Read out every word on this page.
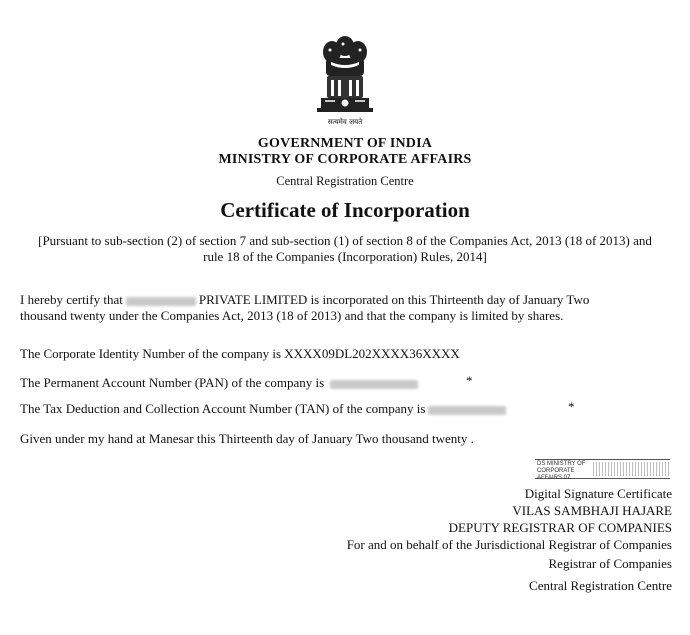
सत्यमेव जयते
GOVERNMENT OF INDIA
MINISTRY OF CORPORATE AFFAIRS
Central Registration Centre
Certificate of Incorporation
[Pursuant to sub-section (2) of section 7 and sub-section (1) of section 8 of the Companies Act, 2013 (18 of 2013) and
rule 18 of the Companies (Incorporation) Rules, 2014]
I hereby certify that	PRIVATE LIMITED is incorporated on this Thirteenth day of January Two
thousand twenty under the Companies Act, 2013 (18 of 2013) and that the company is limited by shares.
The Corporate Identity Number of the company is XXXX09DL202XXXX36XXXX
The Permanent Account Number (PAN) of the company is	*
The Tax Deduction and Collection Account Number (TAN) of the company is	*
Given under my hand at Manesar this Thirteenth day of January Two thousand twenty .
DS MINISTRY OF CORPORATE AFFAIRS 07
Digital Signature Certificate
VILAS SAMBHAJI HAJARE
DEPUTY REGISTRAR OF COMPANIES
For and on behalf of the Jurisdictional Registrar of Companies
Registrar of Companies
Central Registration Centre
